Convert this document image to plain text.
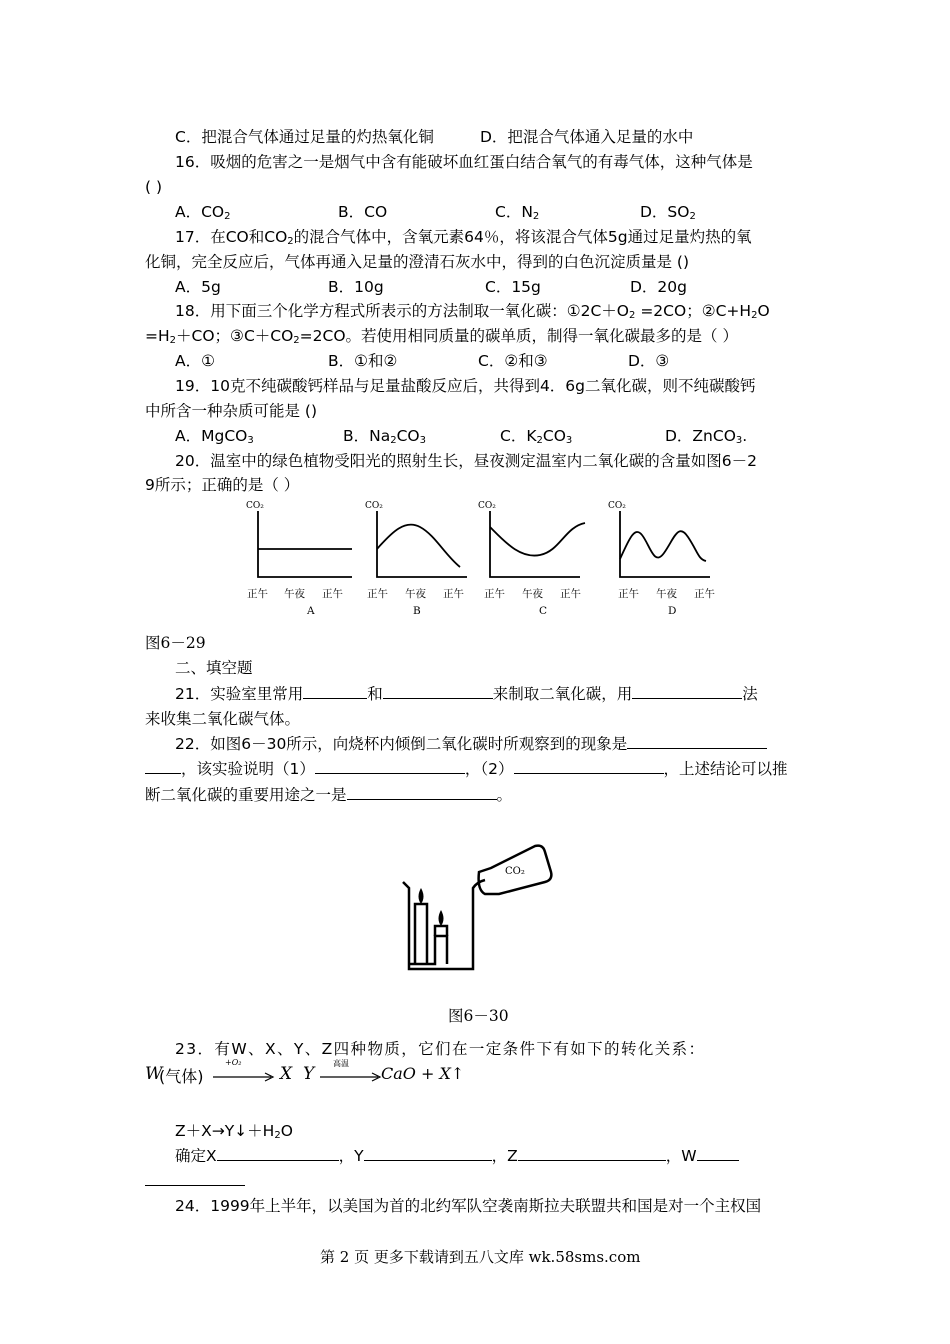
C．把混合气体通过足量的灼热氧化铜	D．把混合气体通入足量的水中
16．吸烟的危害之一是烟气中含有能破坏血红蛋白结合氧气的有毒气体，这种气体是
( )
A．$CO_2$	B．CO	C．$N_2$	D．$SO_2$
17．在CO和$CO_2$的混合气体中，含氧元素64％，将该混合气体5g通过足量灼热的氧
化铜，完全反应后，气体再通入足量的澄清石灰水中，得到的白色沉淀质量是 ()
A．5g	B．10g	C．15g	D．20g
18．用下面三个化学方程式所表示的方法制取一氧化碳：$①2C+O_2 =2CO$；$②C+H_2O$
$=H_2+CO$；$③C+CO_2=2CO$。若使用相同质量的碳单质，制得一氧化碳最多的是（ ）
A．①	B．①和②	C．②和③	D．③
19．10克不纯碳酸钙样品与足量盐酸反应后，共得到4．6g二氧化碳，则不纯碳酸钙
中所含一种杂质可能是 ()
A．MgCO$_3$	B．$Na_2CO_3$	C．$K_2CO_3$	D．ZnCO$_3$.
20．温室中的绿色植物受阳光的照射生长，昼夜测定温室内二氧化碳的含量如图6－2
9所示；正确的是（ ）
CO₂	CO₂	CO₂	CO₂
正午 午夜 正午 正午 午夜 正午 正午 午夜 正午	正午 午夜 正午
A	B	C	D
图6－29
二、填空题
21．实验室里常用	和	来制取二氧化碳，用	法
来收集二氧化碳气体。
22．如图6－30所示，向烧杯内倾倒二氧化碳时所观察到的现象是
，该实验说明（1）	，（2）	，上述结论可以推
断二氧化碳的重要用途之一是	。
CO₂
图6－30
23．有W、X、Y、Z四种物质，它们在一定条件下有如下的转化关系：
W
(气体)
+O₂
X Y
高温
CaO + X↑
$Z+X\to Y↓+H_2O$
确定X	，Y	，Z	，W
24．1999年上半年，以美国为首的北约军队空袭南斯拉夫联盟共和国是对一个主权国
第 2 页 更多下载请到五八文库 wk.58sms.com
